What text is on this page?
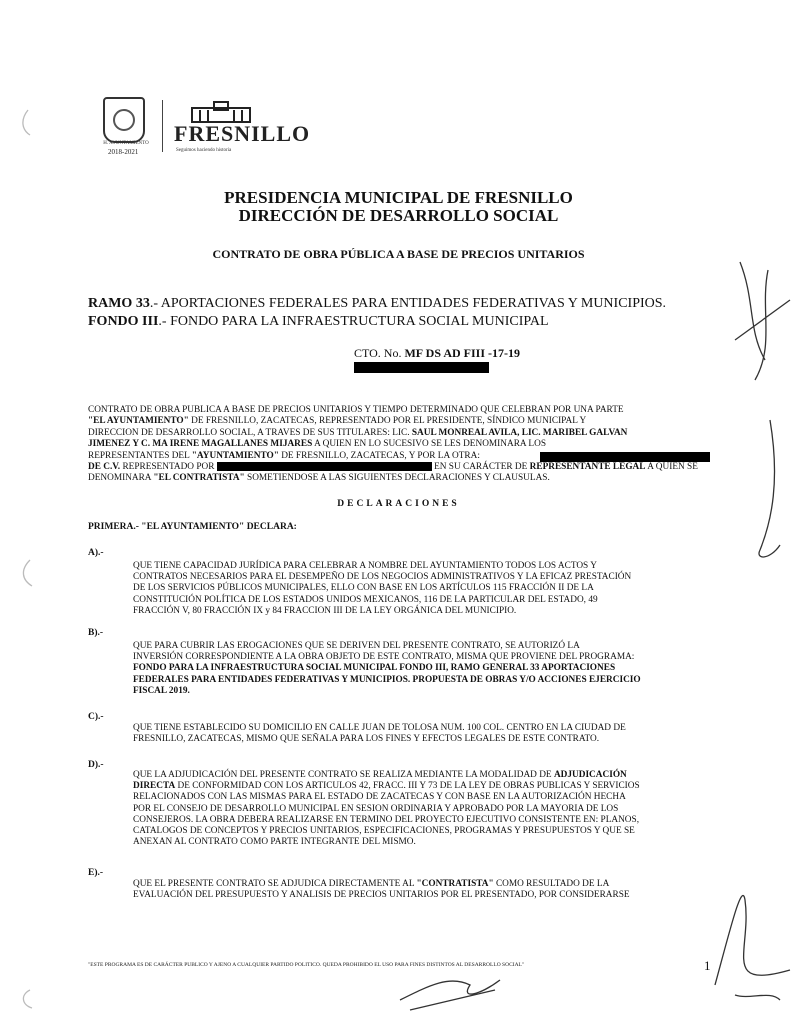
H. AYUNTAMIENTO
2018-2021
FRESNILLO
Seguimos haciendo historia
PRESIDENCIA MUNICIPAL DE FRESNILLO
DIRECCIÓN DE DESARROLLO SOCIAL
CONTRATO DE OBRA PÚBLICA A BASE DE PRECIOS UNITARIOS
RAMO 33.- APORTACIONES FEDERALES PARA ENTIDADES FEDERATIVAS Y MUNICIPIOS.
FONDO III.- FONDO PARA LA INFRAESTRUCTURA SOCIAL MUNICIPAL
CTO. No. MF DS AD FIII -17-19
CONTRATO DE OBRA PUBLICA A BASE DE PRECIOS UNITARIOS Y TIEMPO DETERMINADO QUE CELEBRAN POR UNA PARTE
"EL AYUNTAMIENTO" DE FRESNILLO, ZACATECAS, REPRESENTADO POR EL PRESIDENTE, SÍNDICO MUNICIPAL Y
DIRECCION DE DESARROLLO SOCIAL, A TRAVES DE SUS TITULARES: LIC. SAUL MONREAL AVILA, LIC. MARIBEL GALVAN
JIMENEZ Y C. MA IRENE MAGALLANES MIJARES A QUIEN EN LO SUCESIVO SE LES DENOMINARA LOS
REPRESENTANTES DEL "AYUNTAMIENTO" DE FRESNILLO, ZACATECAS, Y POR LA OTRA:
DE C.V. REPRESENTADO POR	EN SU CARÁCTER DE REPRESENTANTE LEGAL A QUIEN SE
DENOMINARA "EL CONTRATISTA" SOMETIENDOSE A LAS SIGUIENTES DECLARACIONES Y CLAUSULAS.
DECLARACIONES
PRIMERA.- "EL AYUNTAMIENTO" DECLARA:
A).-
QUE TIENE CAPACIDAD JURÍDICA PARA CELEBRAR A NOMBRE DEL AYUNTAMIENTO TODOS LOS ACTOS Y
CONTRATOS NECESARIOS PARA EL DESEMPEÑO DE LOS NEGOCIOS ADMINISTRATIVOS Y LA EFICAZ PRESTACIÓN
DE LOS SERVICIOS PÚBLICOS MUNICIPALES, ELLO CON BASE EN LOS ARTÍCULOS 115 FRACCIÓN II DE LA
CONSTITUCIÓN POLÍTICA DE LOS ESTADOS UNIDOS MEXICANOS, 116 DE LA PARTICULAR DEL ESTADO, 49
FRACCIÓN V, 80 FRACCIÓN IX y 84 FRACCION III DE LA LEY ORGÁNICA DEL MUNICIPIO.
B).-
QUE PARA CUBRIR LAS EROGACIONES QUE SE DERIVEN DEL PRESENTE CONTRATO, SE AUTORIZÓ LA
INVERSIÓN CORRESPONDIENTE A LA OBRA OBJETO DE ESTE CONTRATO, MISMA QUE PROVIENE DEL PROGRAMA:
FONDO PARA LA INFRAESTRUCTURA SOCIAL MUNICIPAL FONDO III, RAMO GENERAL 33 APORTACIONES
FEDERALES PARA ENTIDADES FEDERATIVAS Y MUNICIPIOS. PROPUESTA DE OBRAS Y/O ACCIONES EJERCICIO
FISCAL 2019.
C).-
QUE TIENE ESTABLECIDO SU DOMICILIO EN CALLE JUAN DE TOLOSA NUM. 100 COL. CENTRO EN LA CIUDAD DE
FRESNILLO, ZACATECAS, MISMO QUE SEÑALA PARA LOS FINES Y EFECTOS LEGALES DE ESTE CONTRATO.
D).-
QUE LA ADJUDICACIÓN DEL PRESENTE CONTRATO SE REALIZA MEDIANTE LA MODALIDAD DE ADJUDICACIÓN
DIRECTA DE CONFORMIDAD CON LOS ARTICULOS 42, FRACC. III Y 73 DE LA LEY DE OBRAS PUBLICAS Y SERVICIOS
RELACIONADOS CON LAS MISMAS PARA EL ESTADO DE ZACATECAS Y CON BASE EN LA AUTORIZACIÓN HECHA
POR EL CONSEJO DE DESARROLLO MUNICIPAL EN SESION ORDINARIA Y APROBADO POR LA MAYORIA DE LOS
CONSEJEROS. LA OBRA DEBERA REALIZARSE EN TERMINO DEL PROYECTO EJECUTIVO CONSISTENTE EN: PLANOS,
CATALOGOS DE CONCEPTOS Y PRECIOS UNITARIOS, ESPECIFICACIONES, PROGRAMAS Y PRESUPUESTOS Y QUE SE
ANEXAN AL CONTRATO COMO PARTE INTEGRANTE DEL MISMO.
E).-
QUE EL PRESENTE CONTRATO SE ADJUDICA DIRECTAMENTE AL "CONTRATISTA" COMO RESULTADO DE LA
EVALUACIÓN DEL PRESUPUESTO Y ANALISIS DE PRECIOS UNITARIOS POR EL PRESENTADO, POR CONSIDERARSE
"ESTE PROGRAMA ES DE CARÁCTER PUBLICO Y AJENO A CUALQUIER PARTIDO POLITICO. QUEDA PROHIBIDO EL USO PARA FINES DISTINTOS AL DESARROLLO SOCIAL"	1
